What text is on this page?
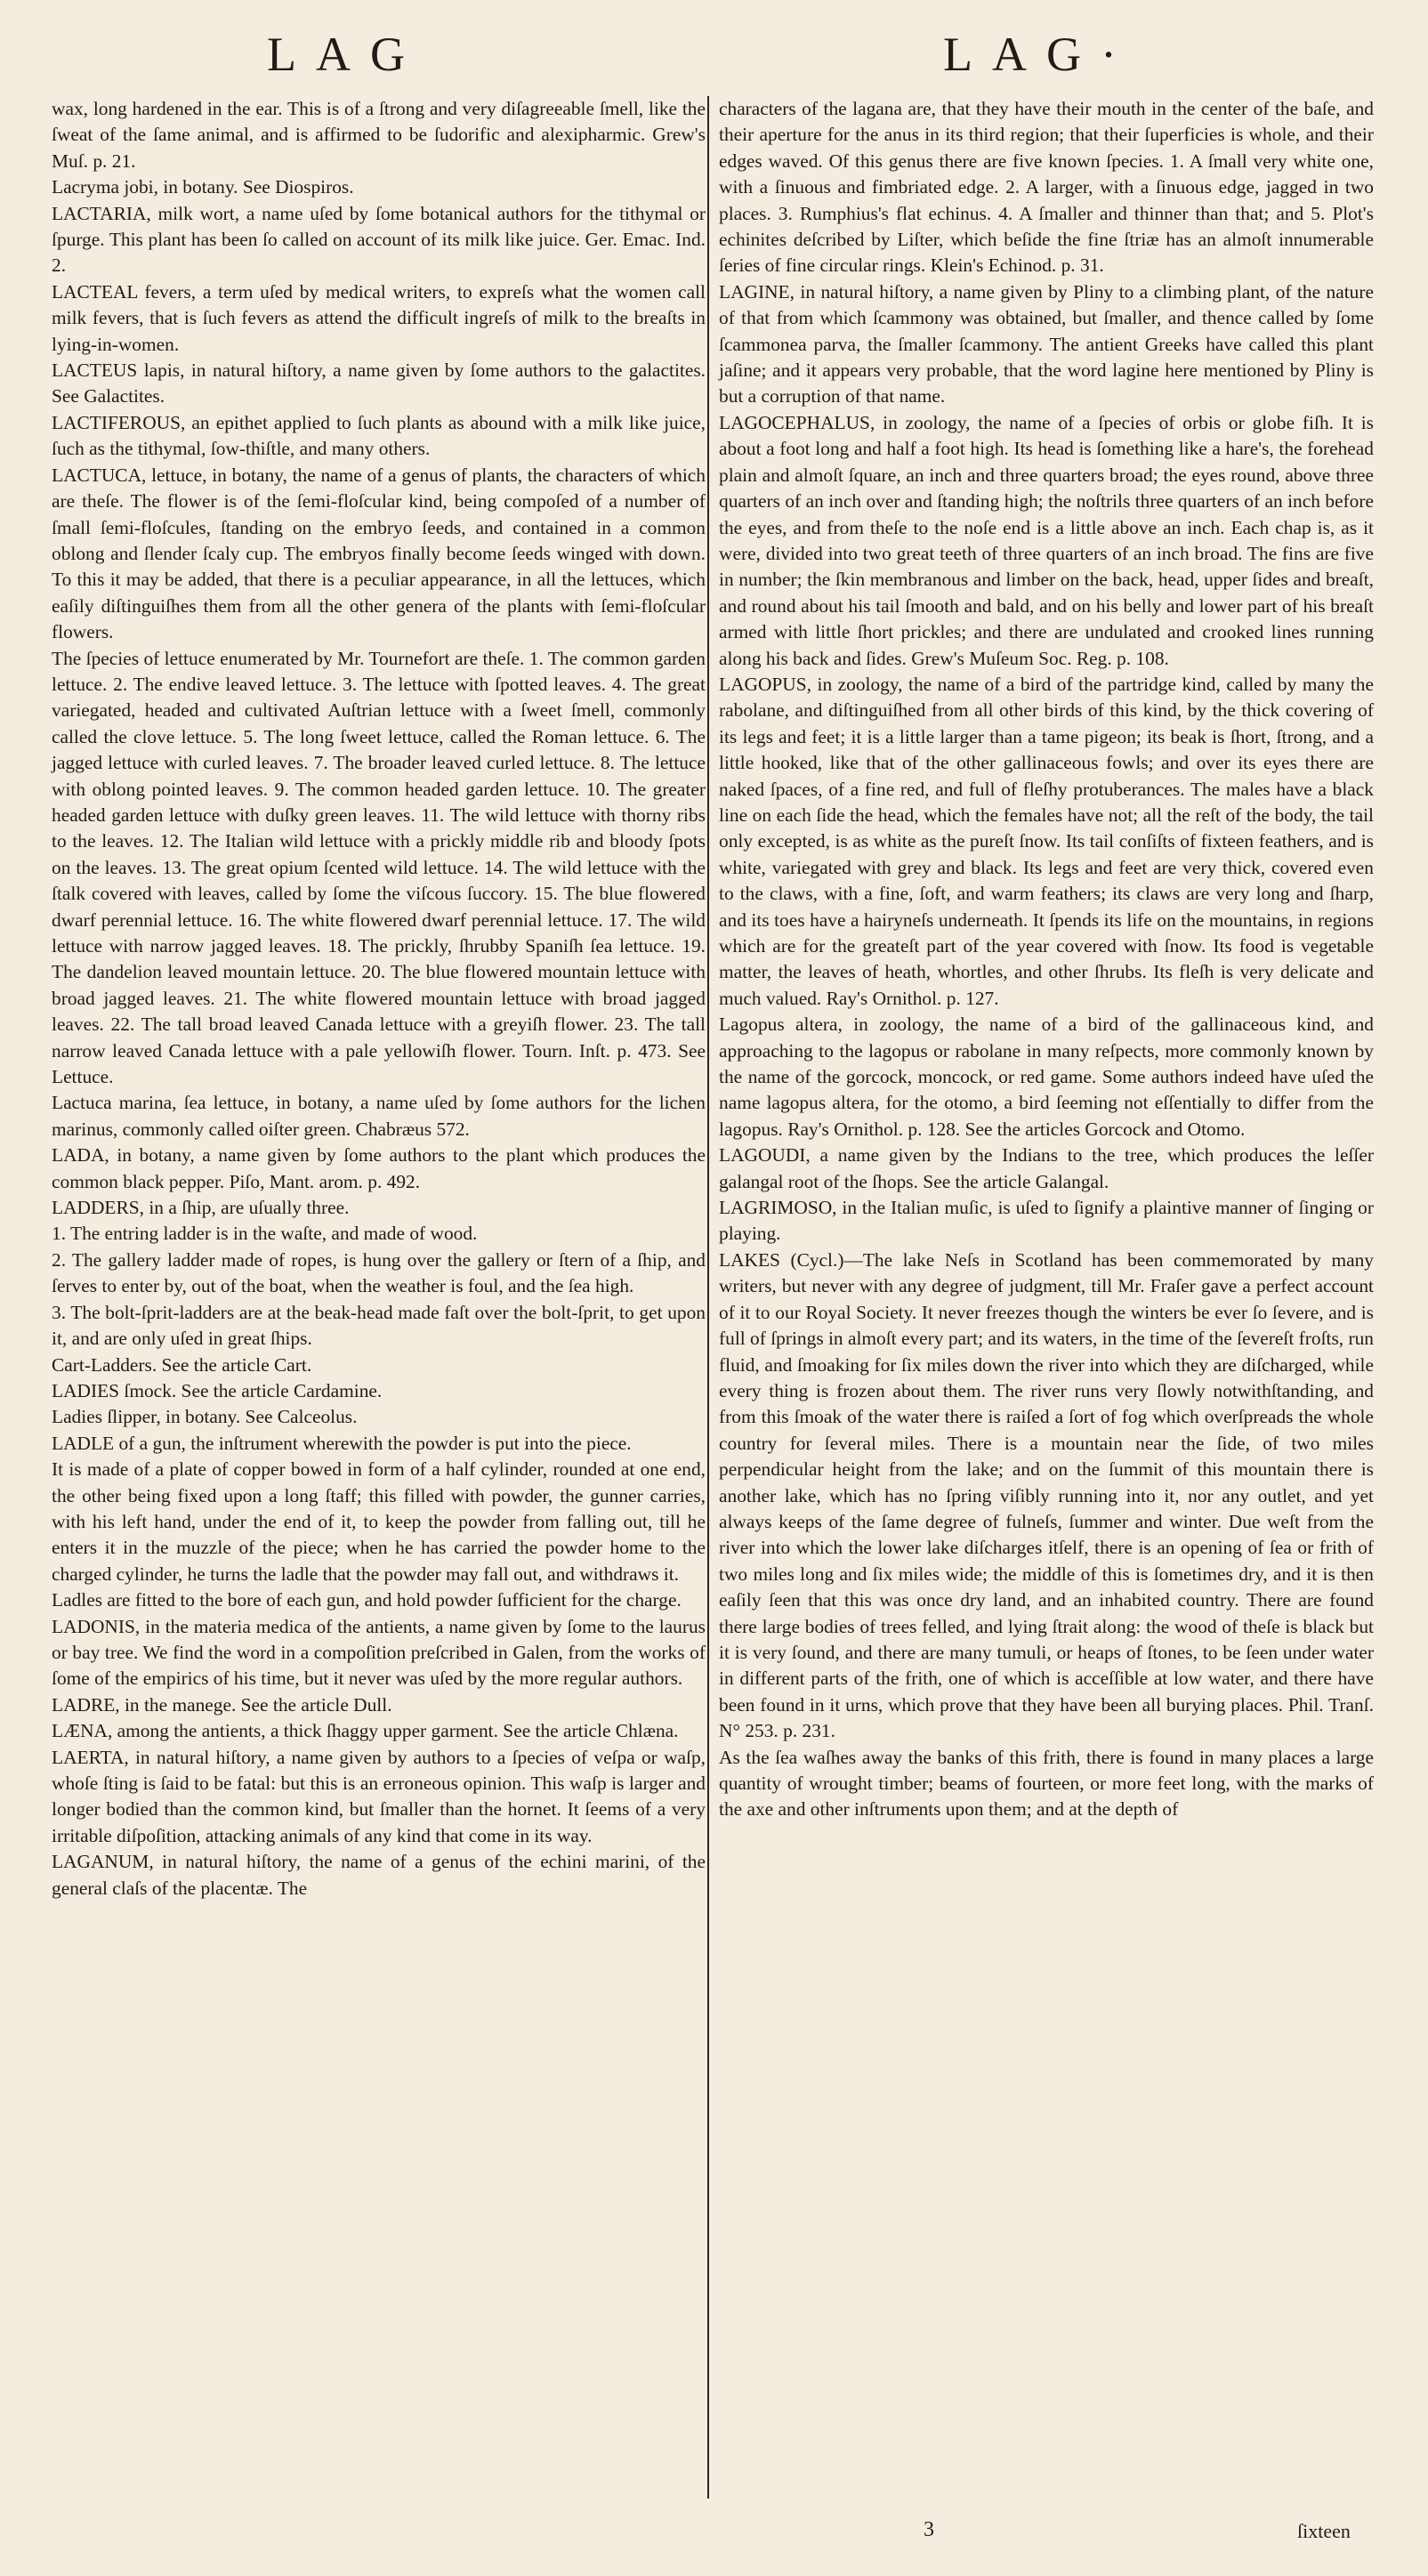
LAG	LAG·

wax, long hardened in the ear. This is of a ſtrong and very diſagreeable ſmell, like the ſweat of the ſame animal, and is affirmed to be ſudorific and alexipharmic. Grew's Muſ. p. 21.

Lacryma jobi, in botany. See Diospiros.

LACTARIA, milk wort, a name uſed by ſome botanical authors for the tithymal or ſpurge. This plant has been ſo called on account of its milk like juice. Ger. Emac. Ind. 2.

LACTEAL fevers, a term uſed by medical writers, to expreſs what the women call milk fevers, that is ſuch fevers as attend the difficult ingreſs of milk to the breaſts in lying-in-women.

LACTEUS lapis, in natural hiſtory, a name given by ſome authors to the galactites. See Galactites.

LACTIFEROUS, an epithet applied to ſuch plants as abound with a milk like juice, ſuch as the tithymal, ſow-thiſtle, and many others.

LACTUCA, lettuce, in botany, the name of a genus of plants, the characters of which are theſe. The flower is of the ſemi-floſcular kind, being compoſed of a number of ſmall ſemi-floſcules, ſtanding on the embryo ſeeds, and contained in a common oblong and ſlender ſcaly cup. The embryos finally become ſeeds winged with down. To this it may be added, that there is a peculiar appearance, in all the lettuces, which eaſily diſtinguiſhes them from all the other genera of the plants with ſemi-floſcular flowers.

The ſpecies of lettuce enumerated by Mr. Tournefort are theſe. 1. The common garden lettuce. 2. The endive leaved lettuce. 3. The lettuce with ſpotted leaves. 4. The great variegated, headed and cultivated Auſtrian lettuce with a ſweet ſmell, commonly called the clove lettuce. 5. The long ſweet lettuce, called the Roman lettuce. 6. The jagged lettuce with curled leaves. 7. The broader leaved curled lettuce. 8. The lettuce with oblong pointed leaves. 9. The common headed garden lettuce. 10. The greater headed garden lettuce with duſky green leaves. 11. The wild lettuce with thorny ribs to the leaves. 12. The Italian wild lettuce with a prickly middle rib and bloody ſpots on the leaves. 13. The great opium ſcented wild lettuce. 14. The wild lettuce with the ſtalk covered with leaves, called by ſome the viſcous ſuccory. 15. The blue flowered dwarf perennial lettuce. 16. The white flowered dwarf perennial lettuce. 17. The wild lettuce with narrow jagged leaves. 18. The prickly, ſhrubby Spaniſh ſea lettuce. 19. The dandelion leaved mountain lettuce. 20. The blue flowered mountain lettuce with broad jagged leaves. 21. The white flowered mountain lettuce with broad jagged leaves. 22. The tall broad leaved Canada lettuce with a greyiſh flower. 23. The tall narrow leaved Canada lettuce with a pale yellowiſh flower. Tourn. Inſt. p. 473. See Lettuce.

Lactuca marina, ſea lettuce, in botany, a name uſed by ſome authors for the lichen marinus, commonly called oiſter green. Chabræus 572.

LADA, in botany, a name given by ſome authors to the plant which produces the common black pepper. Piſo, Mant. arom. p. 492.

LADDERS, in a ſhip, are uſually three.

1. The entring ladder is in the waſte, and made of wood.

2. The gallery ladder made of ropes, is hung over the gallery or ſtern of a ſhip, and ſerves to enter by, out of the boat, when the weather is foul, and the ſea high.

3. The bolt-ſprit-ladders are at the beak-head made faſt over the bolt-ſprit, to get upon it, and are only uſed in great ſhips.

Cart-Ladders. See the article Cart.

LADIES ſmock. See the article Cardamine.

Ladies ſlipper, in botany. See Calceolus.

LADLE of a gun, the inſtrument wherewith the powder is put into the piece.

It is made of a plate of copper bowed in form of a half cylinder, rounded at one end, the other being fixed upon a long ſtaff; this filled with powder, the gunner carries, with his left hand, under the end of it, to keep the powder from falling out, till he enters it in the muzzle of the piece; when he has carried the powder home to the charged cylinder, he turns the ladle that the powder may fall out, and withdraws it.

Ladles are fitted to the bore of each gun, and hold powder ſufficient for the charge.

LADONIS, in the materia medica of the antients, a name given by ſome to the laurus or bay tree. We find the word in a compoſition preſcribed in Galen, from the works of ſome of the empirics of his time, but it never was uſed by the more regular authors.

LADRE, in the manege. See the article Dull.

LÆNA, among the antients, a thick ſhaggy upper garment. See the article Chlæna.

LAERTA, in natural hiſtory, a name given by authors to a ſpecies of veſpa or waſp, whoſe ſting is ſaid to be fatal: but this is an erroneous opinion. This waſp is larger and longer bodied than the common kind, but ſmaller than the hornet. It ſeems of a very irritable diſpoſition, attacking animals of any kind that come in its way.

LAGANUM, in natural hiſtory, the name of a genus of the echini marini, of the general claſs of the placentæ. The

characters of the lagana are, that they have their mouth in the center of the baſe, and their aperture for the anus in its third region; that their ſuperficies is whole, and their edges waved. Of this genus there are five known ſpecies. 1. A ſmall very white one, with a ſinuous and fimbriated edge. 2. A larger, with a ſinuous edge, jagged in two places. 3. Rumphius's flat echinus. 4. A ſmaller and thinner than that; and 5. Plot's echinites deſcribed by Liſter, which beſide the fine ſtriæ has an almoſt innumerable ſeries of fine circular rings. Klein's Echinod. p. 31.

LAGINE, in natural hiſtory, a name given by Pliny to a climbing plant, of the nature of that from which ſcammony was obtained, but ſmaller, and thence called by ſome ſcammonea parva, the ſmaller ſcammony. The antient Greeks have called this plant jaſine; and it appears very probable, that the word lagine here mentioned by Pliny is but a corruption of that name.

LAGOCEPHALUS, in zoology, the name of a ſpecies of orbis or globe fiſh. It is about a foot long and half a foot high. Its head is ſomething like a hare's, the forehead plain and almoſt ſquare, an inch and three quarters broad; the eyes round, above three quarters of an inch over and ſtanding high; the noſtrils three quarters of an inch before the eyes, and from theſe to the noſe end is a little above an inch. Each chap is, as it were, divided into two great teeth of three quarters of an inch broad. The fins are five in number; the ſkin membranous and limber on the back, head, upper ſides and breaſt, and round about his tail ſmooth and bald, and on his belly and lower part of his breaſt armed with little ſhort prickles; and there are undulated and crooked lines running along his back and ſides. Grew's Muſeum Soc. Reg. p. 108.

LAGOPUS, in zoology, the name of a bird of the partridge kind, called by many the rabolane, and diſtinguiſhed from all other birds of this kind, by the thick covering of its legs and feet; it is a little larger than a tame pigeon; its beak is ſhort, ſtrong, and a little hooked, like that of the other gallinaceous fowls; and over its eyes there are naked ſpaces, of a fine red, and full of fleſhy protuberances. The males have a black line on each ſide the head, which the females have not; all the reſt of the body, the tail only excepted, is as white as the pureſt ſnow. Its tail conſiſts of fixteen feathers, and is white, variegated with grey and black. Its legs and feet are very thick, covered even to the claws, with a fine, ſoft, and warm feathers; its claws are very long and ſharp, and its toes have a hairyneſs underneath. It ſpends its life on the mountains, in regions which are for the greateſt part of the year covered with ſnow. Its food is vegetable matter, the leaves of heath, whortles, and other ſhrubs. Its fleſh is very delicate and much valued. Ray's Ornithol. p. 127.

Lagopus altera, in zoology, the name of a bird of the gallinaceous kind, and approaching to the lagopus or rabolane in many reſpects, more commonly known by the name of the gorcock, moncock, or red game. Some authors indeed have uſed the name lagopus altera, for the otomo, a bird ſeeming not eſſentially to differ from the lagopus. Ray's Ornithol. p. 128. See the articles Gorcock and Otomo.

LAGOUDI, a name given by the Indians to the tree, which produces the leſſer galangal root of the ſhops. See the article Galangal.

LAGRIMOSO, in the Italian muſic, is uſed to ſignify a plaintive manner of ſinging or playing.

LAKES (Cycl.)—The lake Neſs in Scotland has been commemorated by many writers, but never with any degree of judgment, till Mr. Fraſer gave a perfect account of it to our Royal Society. It never freezes though the winters be ever ſo ſevere, and is full of ſprings in almoſt every part; and its waters, in the time of the ſevereſt froſts, run fluid, and ſmoaking for ſix miles down the river into which they are diſcharged, while every thing is frozen about them. The river runs very ſlowly notwithſtanding, and from this ſmoak of the water there is raiſed a ſort of fog which overſpreads the whole country for ſeveral miles. There is a mountain near the ſide, of two miles perpendicular height from the lake; and on the ſummit of this mountain there is another lake, which has no ſpring viſibly running into it, nor any outlet, and yet always keeps of the ſame degree of fulneſs, ſummer and winter. Due weſt from the river into which the lower lake diſcharges itſelf, there is an opening of ſea or frith of two miles long and ſix miles wide; the middle of this is ſometimes dry, and it is then eaſily ſeen that this was once dry land, and an inhabited country. There are found there large bodies of trees felled, and lying ſtrait along: the wood of theſe is black but it is very ſound, and there are many tumuli, or heaps of ſtones, to be ſeen under water in different parts of the frith, one of which is acceſſible at low water, and there have been found in it urns, which prove that they have been all burying places. Phil. Tranſ. N° 253. p. 231.

As the ſea waſhes away the banks of this frith, there is found in many places a large quantity of wrought timber; beams of fourteen, or more feet long, with the marks of the axe and other inſtruments upon them; and at the depth of

3	ſixteen
